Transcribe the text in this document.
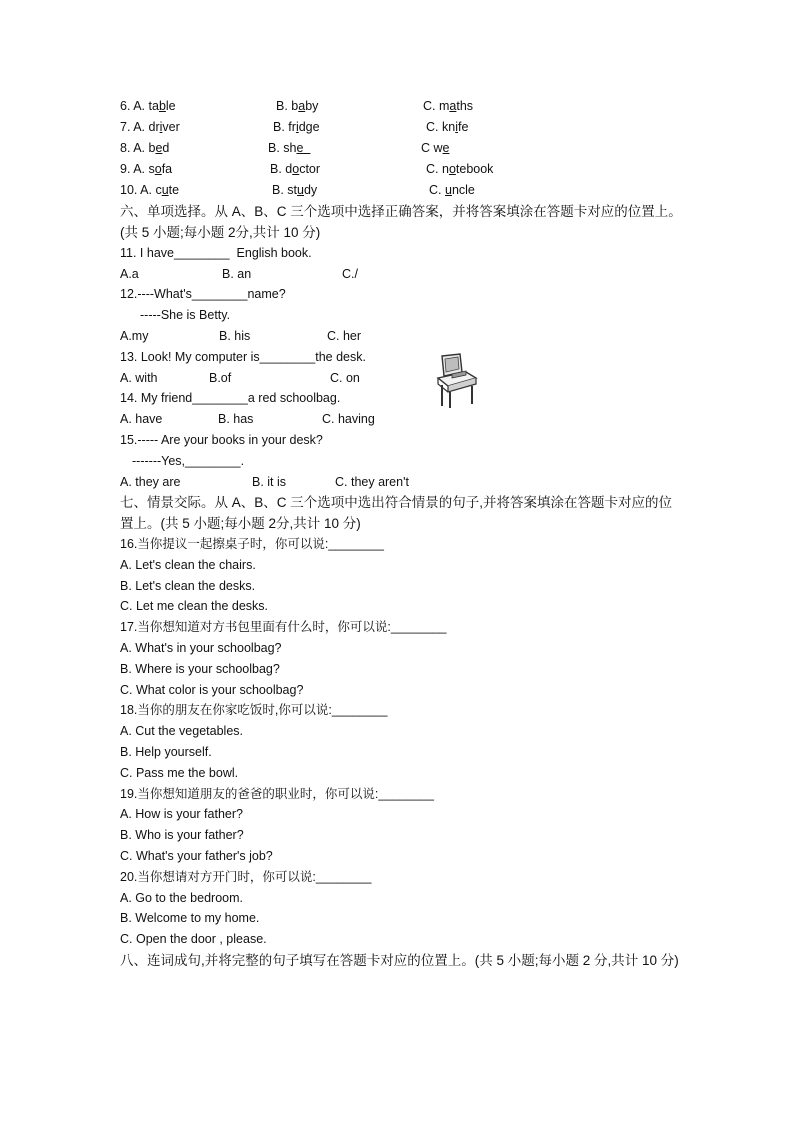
6. A. table	B. baby	C. maths
7. A. driver	B. fridge	C. knife
8. A. bed	B. she	C we
9. A. sofa	B. doctor	C. notebook
10. A. cute	B. study	C. uncle
六、单项选择。从 A、B、C 三个选项中选择正确答案，并将答案填涂在答题卡对应的位置上。(共 5 小题;每小题 2分,共计 10 分)
11. I have________  English book.
A.a	B. an	C./
12.----What's________name?
-----She is Betty.
A.my	B. his	C. her
13. Look! My computer is________the desk.
A. with	B.of	C. on
14. My friend________a red schoolbag.
A. have	B. has	C. having
15.----- Are your books in your desk?
-------Yes,________.
A. they are	B. it is	C. they aren't
七、情景交际。从 A、B、C 三个选项中选出符合情景的句子,并将答案填涂在答题卡对应的位置上。(共 5 小题;每小题 2分,共计 10 分)
16.当你提议一起擦桌子时，你可以说:________
A. Let's clean the chairs.
B. Let's clean the desks.
C. Let me clean the desks.
17.当你想知道对方书包里面有什么时，你可以说:________
A. What's in your schoolbag?
B. Where is your schoolbag?
C. What color is your schoolbag?
18.当你的朋友在你家吃饭时,你可以说:________
A. Cut the vegetables.
B. Help yourself.
C. Pass me the bowl.
19.当你想知道朋友的爸爸的职业时，你可以说:________
A. How is your father?
B. Who is your father?
C. What's your father's job?
20.当你想请对方开门时，你可以说:________
A. Go to the bedroom.
B. Welcome to my home.
C. Open the door , please.
八、连词成句,并将完整的句子填写在答题卡对应的位置上。(共 5 小题;每小题 2 分,共计 10 分)
